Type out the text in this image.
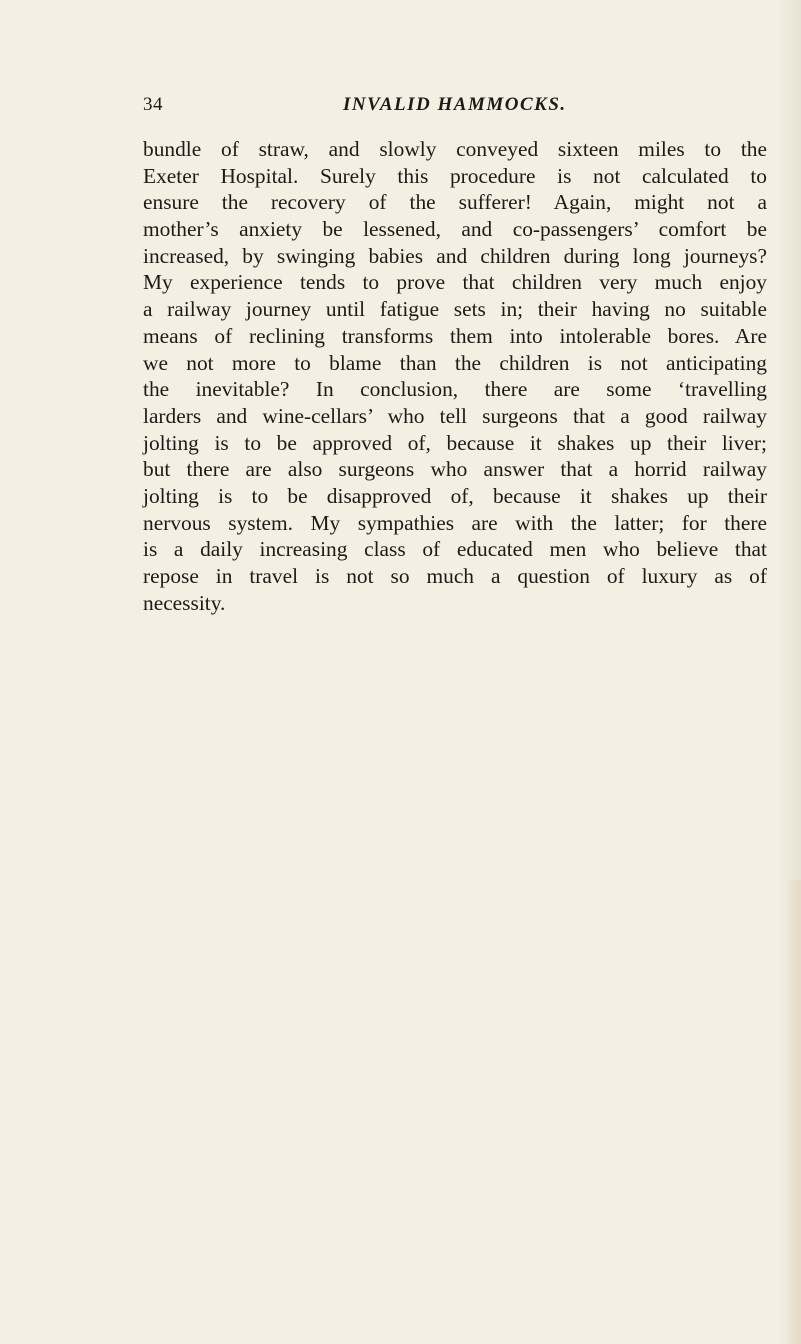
34	INVALID HAMMOCKS.
bundle of straw, and slowly conveyed sixteen miles to the
Exeter Hospital. Surely this procedure is not calculated to
ensure the recovery of the sufferer! Again, might not a
mother’s anxiety be lessened, and co-passengers’ comfort be
increased, by swinging babies and children during long journeys?
My experience tends to prove that children very much enjoy
a railway journey until fatigue sets in; their having no suitable
means of reclining transforms them into intolerable bores. Are
we not more to blame than the children is not anticipating
the inevitable? In conclusion, there are some ‘travelling
larders and wine-cellars’ who tell surgeons that a good railway
jolting is to be approved of, because it shakes up their liver;
but there are also surgeons who answer that a horrid railway
jolting is to be disapproved of, because it shakes up their
nervous system. My sympathies are with the latter; for there
is a daily increasing class of educated men who believe that
repose in travel is not so much a question of luxury as of
necessity.
